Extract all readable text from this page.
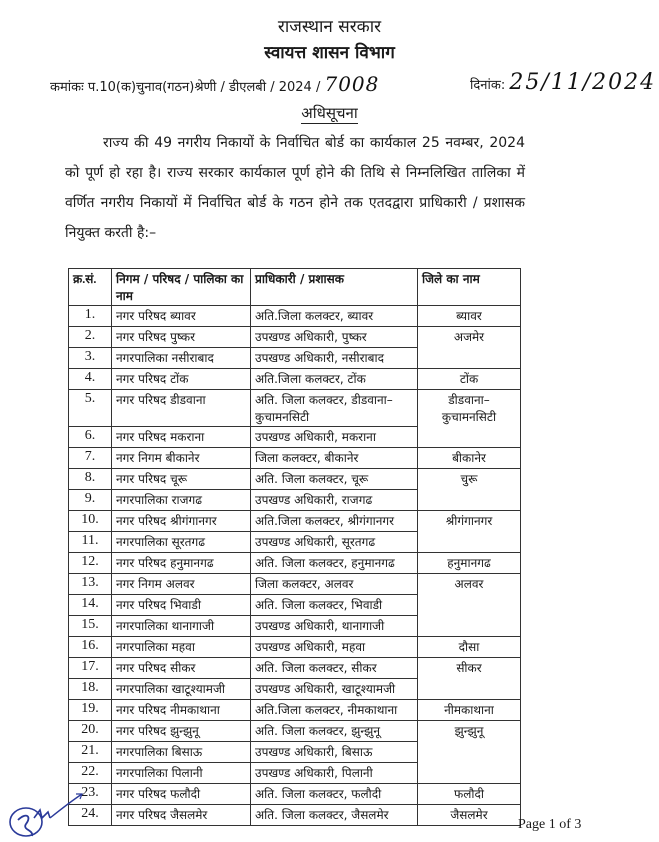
राजस्थान सरकार
स्वायत्त शासन विभाग
कमांकः प.10(क)चुनाव(गठन)श्रेणी / डीएलबी / 2024 / 7008	दिनांक: 25/11/2024
अधिसूचना
राज्य की 49 नगरीय निकायों के निर्वाचित बोर्ड का कार्यकाल 25 नवम्बर, 2024 को पूर्ण हो रहा है। राज्य सरकार कार्यकाल पूर्ण होने की तिथि से निम्नलिखित तालिका में वर्णित नगरीय निकायों में निर्वाचित बोर्ड के गठन होने तक एतदद्वारा प्राधिकारी / प्रशासक नियुक्त करती है:–
क्र.सं.	निगम / परिषद / पालिका का नाम	प्राधिकारी / प्रशासक	जिले का नाम
1.	नगर परिषद ब्यावर	अति.जिला कलक्टर, ब्यावर	ब्यावर
2.	नगर परिषद पुष्कर	उपखण्ड अधिकारी, पुष्कर	अजमेर
3.	नगरपालिका नसीराबाद	उपखण्ड अधिकारी, नसीराबाद	
4.	नगर परिषद टोंक	अति.जिला कलक्टर, टोंक	टोंक
5.	नगर परिषद डीडवाना	अति. जिला कलक्टर, डीडवाना–कुचामनसिटी	डीडवाना–कुचामनसिटी
6.	नगर परिषद मकराना	उपखण्ड अधिकारी, मकराना	
7.	नगर निगम बीकानेर	जिला कलक्टर, बीकानेर	बीकानेर
8.	नगर परिषद चूरू	अति. जिला कलक्टर, चूरू	चुरू
9.	नगरपालिका राजगढ	उपखण्ड अधिकारी, राजगढ	
10.	नगर परिषद श्रीगंगानगर	अति.जिला कलक्टर, श्रीगंगानगर	श्रीगंगानगर
11.	नगरपालिका सूरतगढ	उपखण्ड अधिकारी, सूरतगढ	
12.	नगर परिषद हनुमानगढ	अति. जिला कलक्टर, हनुमानगढ	हनुमानगढ
13.	नगर निगम अलवर	जिला कलक्टर, अलवर	अलवर
14.	नगर परिषद भिवाडी	अति. जिला कलक्टर, भिवाडी	
15.	नगरपालिका थानागाजी	उपखण्ड अधिकारी, थानागाजी	
16.	नगरपालिका महवा	उपखण्ड अधिकारी, महवा	दौसा
17.	नगर परिषद सीकर	अति. जिला कलक्टर, सीकर	सीकर
18.	नगरपालिका खाटूश्यामजी	उपखण्ड अधिकारी, खाटूश्यामजी	
19.	नगर परिषद नीमकाथाना	अति.जिला कलक्टर, नीमकाथाना	नीमकाथाना
20.	नगर परिषद झुन्झुनू	अति. जिला कलक्टर, झुन्झुनू	झुन्झुनू
21.	नगरपालिका बिसाऊ	उपखण्ड अधिकारी, बिसाऊ	
22.	नगरपालिका पिलानी	उपखण्ड अधिकारी, पिलानी	
23.	नगर परिषद फलौदी	अति. जिला कलक्टर, फलौदी	फलौदी
24.	नगर परिषद जैसलमेर	अति. जिला कलक्टर, जैसलमेर	जैसलमेर
Page 1 of 3
